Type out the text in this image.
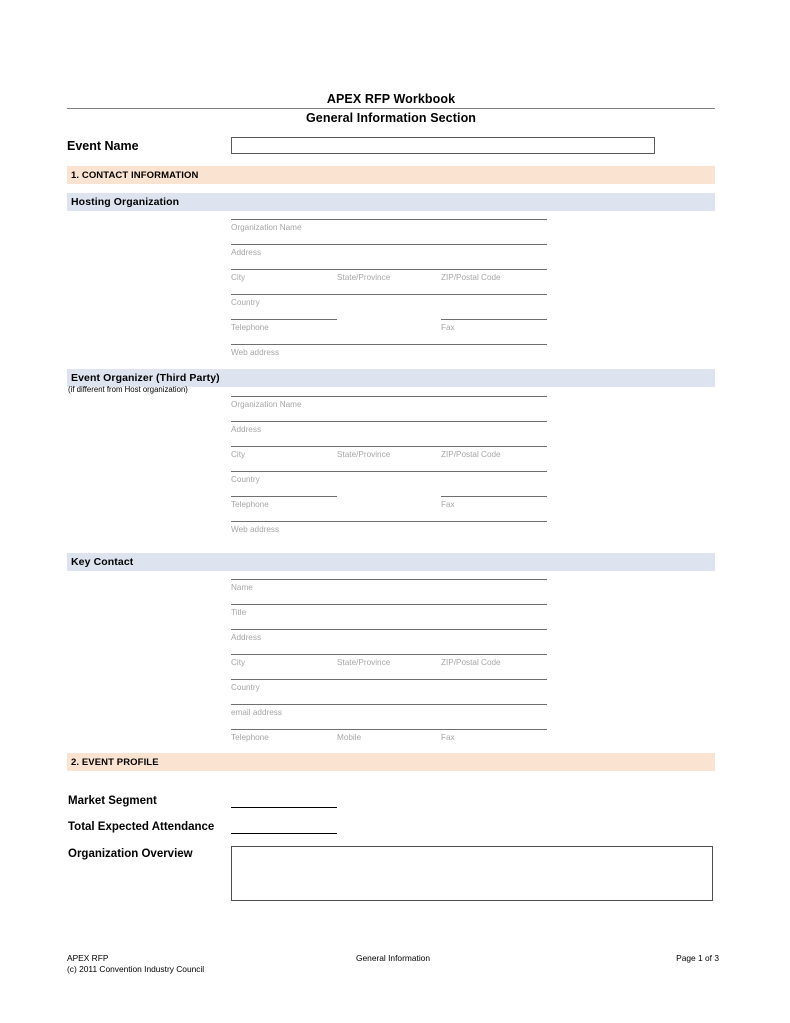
APEX RFP Workbook
General Information Section
Event Name
1. CONTACT INFORMATION
Hosting Organization
Organization Name
Address
City	State/Province	ZIP/Postal Code
Country
Telephone	Fax
Web address
Event Organizer (Third Party)
(if different from Host organization)
Organization Name
Address
City	State/Province	ZIP/Postal Code
Country
Telephone	Fax
Web address
Key Contact
Name
Title
Address
City	State/Province	ZIP/Postal Code
Country
email address
Telephone	Mobile	Fax
2. EVENT PROFILE
Market Segment
Total Expected Attendance
Organization Overview
APEX RFP
(c) 2011 Convention Industry Council
General Information	Page 1 of 3
